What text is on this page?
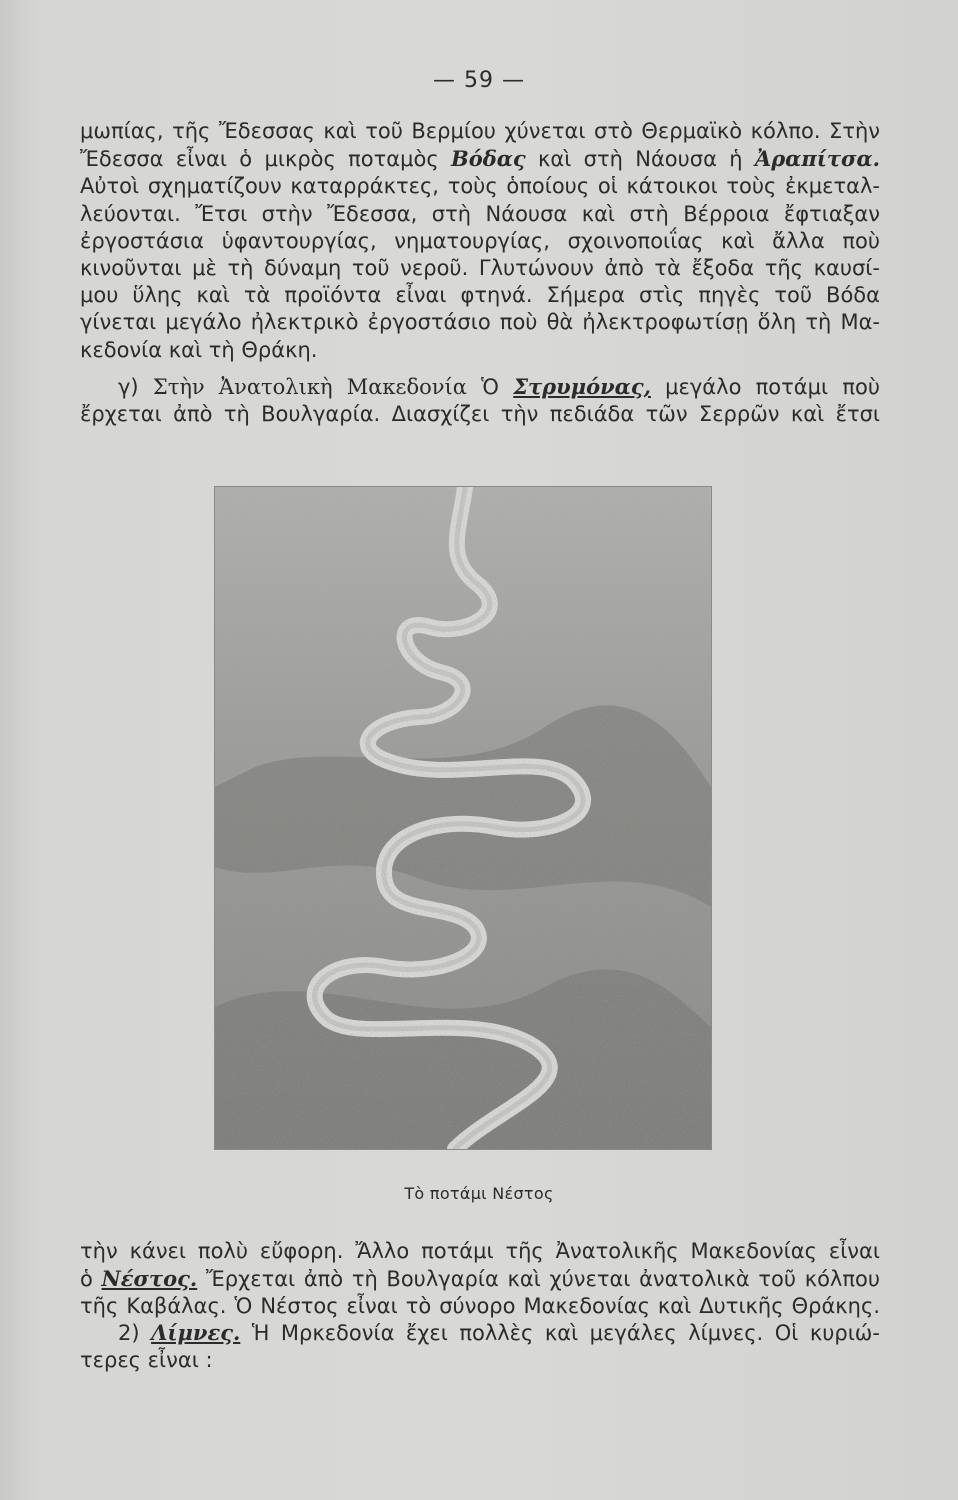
— 59 —
μωπίας, τῆς Ἔδεσσας καὶ τοῦ Βερμίου χύνεται στὸ Θερμαϊκὸ κόλπο. Στὴν
Ἔδεσσα εἶναι ὁ μικρὸς ποταμὸς Βόδας καὶ στὴ Νάουσα ἡ Ἀραπίτσα.
Αὐτοὶ σχηματίζουν καταρράκτες, τοὺς ὁποίους οἱ κάτοικοι τοὺς ἐκμεταλ-
λεύονται. Ἔτσι στὴν Ἔδεσσα, στὴ Νάουσα καὶ στὴ Βέρροια ἔφτιαξαν
ἐργοστάσια ὑφαντουργίας, νηματουργίας, σχοινοποιΐας καὶ ἄλλα ποὺ
κινοῦνται μὲ τὴ δύναμη τοῦ νεροῦ. Γλυτώνουν ἀπὸ τὰ ἔξοδα τῆς καυσί-
μου ὕλης καὶ τὰ προϊόντα εἶναι φτηνά. Σήμερα στὶς πηγὲς τοῦ Βόδα
γίνεται μεγάλο ἠλεκτρικὸ ἐργοστάσιο ποὺ θὰ ἠλεκτροφωτίσῃ ὅλη τὴ Μα-
κεδονία καὶ τὴ Θράκη.
γ) Στὴν Ἀνατολικὴ Μακεδονία Ὁ Στρυμόνας, μεγάλο ποτάμι ποὺ
ἔρχεται ἀπὸ τὴ Βουλγαρία. Διασχίζει τὴν πεδιάδα τῶν Σερρῶν καὶ ἔτσι
Τὸ ποτάμι Νέστος
τὴν κάνει πολὺ εὔφορη. Ἄλλο ποτάμι τῆς Ἀνατολικῆς Μακεδονίας εἶναι
ὁ Νέστος. Ἔρχεται ἀπὸ τὴ Βουλγαρία καὶ χύνεται ἀνατολικὰ τοῦ κόλπου
τῆς Καβάλας. Ὁ Νέστος εἶναι τὸ σύνορο Μακεδονίας καὶ Δυτικῆς Θράκης.
2) Λίμνες. Ἡ Μρκεδονία ἔχει πολλὲς καὶ μεγάλες λίμνες. Οἱ κυριώ-
τερες εἶναι :
